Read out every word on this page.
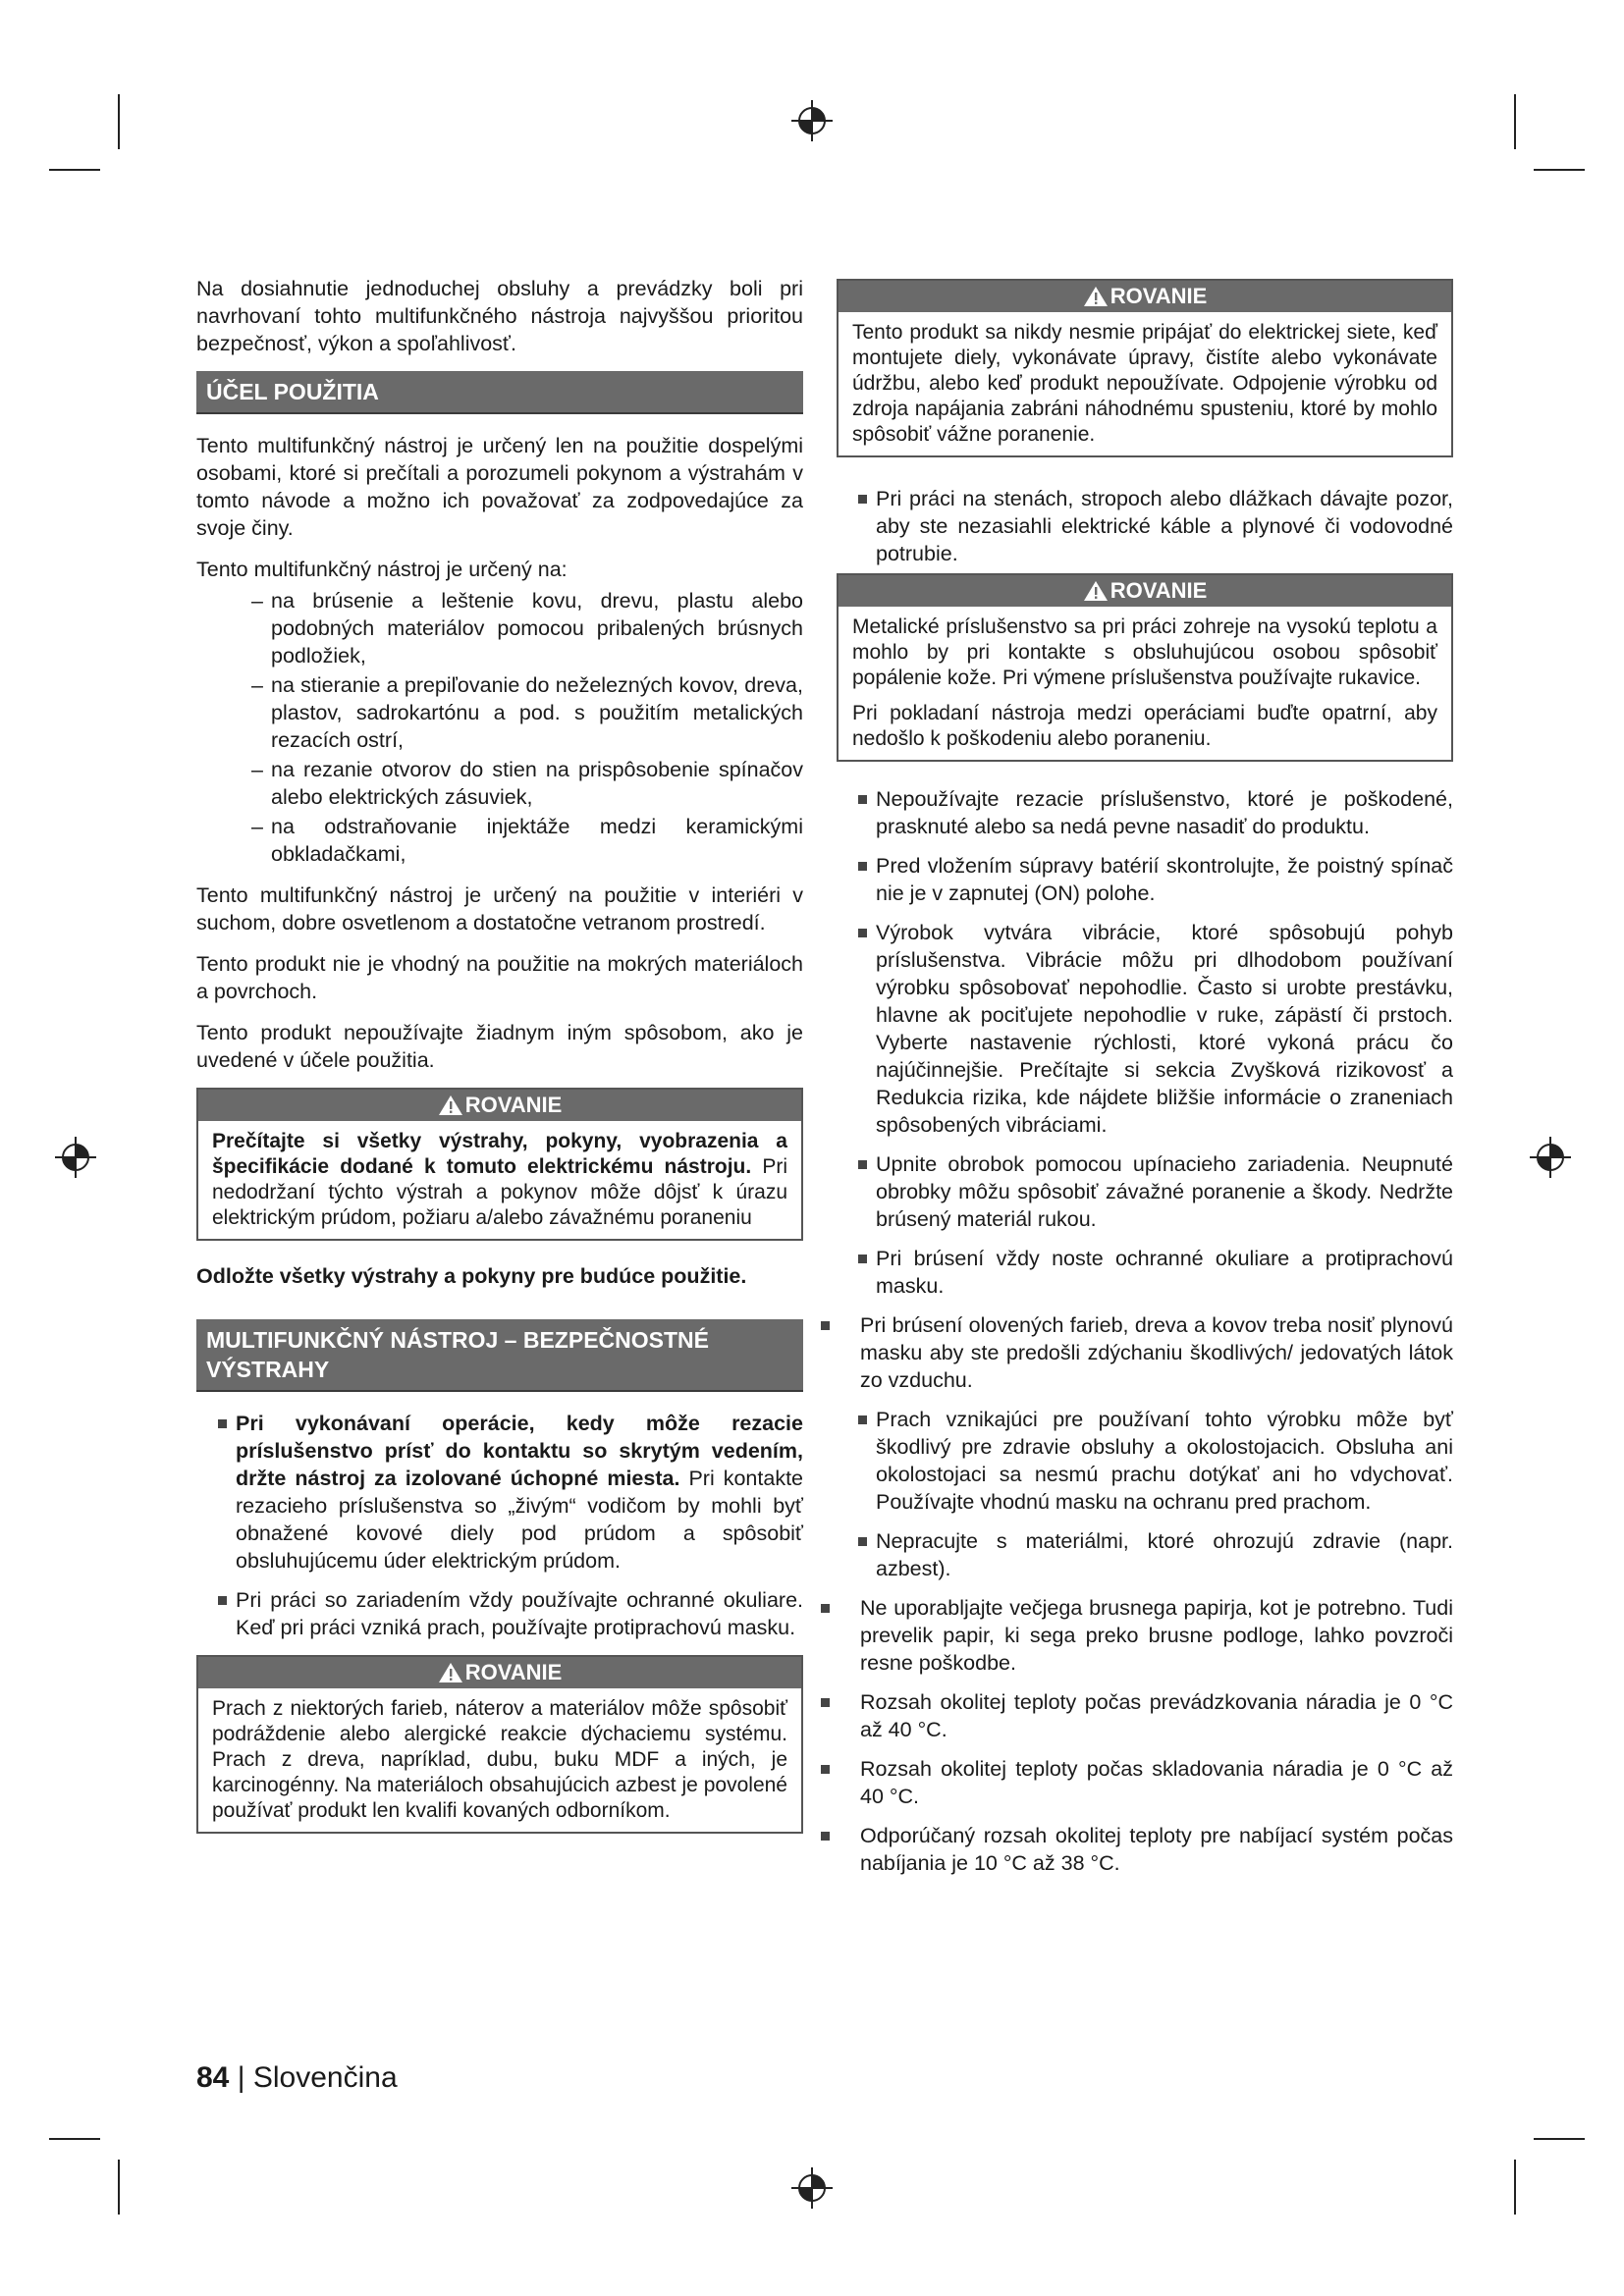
Na dosiahnutie jednoduchej obsluhy a prevádzky boli pri navrhovaní tohto multifunkčného nástroja najvyššou prioritou bezpečnosť, výkon a spoľahlivosť.

ÚČEL POUŽITIA

Tento multifunkčný nástroj je určený len na použitie dospelými osobami, ktoré si prečítali a porozumeli pokynom a výstrahám v tomto návode a možno ich považovať za zodpovedajúce za svoje činy.

Tento multifunkčný nástroj je určený na:

– na brúsenie a leštenie kovu, drevu, plastu alebo podobných materiálov pomocou pribalených brúsnych podložiek,
– na stieranie a prepiľovanie do neželezných kovov, dreva, plastov, sadrokartónu a pod. s použitím metalických rezacích ostrí,
– na rezanie otvorov do stien na prispôsobenie spínačov alebo elektrických zásuviek,
– na odstraňovanie injektáže medzi keramickými obkladačkami,

Tento multifunkčný nástroj je určený na použitie v interiéri v suchom, dobre osvetlenom a dostatočne vetranom prostredí.

Tento produkt nie je vhodný na použitie na mokrých materiáloch a povrchoch.

Tento produkt nepoužívajte žiadnym iným spôsobom, ako je uvedené v účele použitia.

ROVANIE

Prečítajte si všetky výstrahy, pokyny, vyobrazenia a špecifikácie dodané k tomuto elektrickému nástroju. Pri nedodržaní týchto výstrah a pokynov môže dôjsť k úrazu elektrickým prúdom, požiaru a/alebo závažnému poraneniu

Odložte všetky výstrahy a pokyny pre budúce použitie.

MULTIFUNKČNÝ NÁSTROJ – BEZPEČNOSTNÉ VÝSTRAHY
Pri vykonávaní operácie, kedy môže rezacie príslušenstvo prísť do kontaktu so skrytým vedením, držte nástroj za izolované úchopné miesta. Pri kontakte rezacieho príslušenstva so „živým“ vodičom by mohli byť obnažené kovové diely pod prúdom a spôsobiť obsluhujúcemu úder elektrickým prúdom.
Pri práci so zariadením vždy používajte ochranné okuliare. Keď pri práci vzniká prach, používajte protiprachovú masku.
ROVANIE

Prach z niektorých farieb, náterov a materiálov môže spôsobiť podráždenie alebo alergické reakcie dýchaciemu systému. Prach z dreva, napríklad, dubu, buku MDF a iných, je karcinogénny. Na materiáloch obsahujúcich azbest je povolené používať produkt len kvalifi kovaných odborníkom.

ROVANIE

Tento produkt sa nikdy nesmie pripájať do elektrickej siete, keď montujete diely, vykonávate úpravy, čistíte alebo vykonávate údržbu, alebo keď produkt nepoužívate. Odpojenie výrobku od zdroja napájania zabráni náhodnému spusteniu, ktoré by mohlo spôsobiť vážne poranenie.

Pri práci na stenách, stropoch alebo dlážkach dávajte pozor, aby ste nezasiahli elektrické káble a plynové či vodovodné potrubie.
ROVANIE

Metalické príslušenstvo sa pri práci zohreje na vysokú teplotu a mohlo by pri kontakte s obsluhujúcou osobou spôsobiť popálenie kože. Pri výmene príslušenstva používajte rukavice.

Pri pokladaní nástroja medzi operáciami buďte opatrní, aby nedošlo k poškodeniu alebo poraneniu.

Nepoužívajte rezacie príslušenstvo, ktoré je poškodené, prasknuté alebo sa nedá pevne nasadiť do produktu.
Pred vložením súpravy batérií skontrolujte, že poistný spínač nie je v zapnutej (ON) polohe.
Výrobok vytvára vibrácie, ktoré spôsobujú pohyb príslušenstva. Vibrácie môžu pri dlhodobom používaní výrobku spôsobovať nepohodlie. Často si urobte prestávku, hlavne ak pociťujete nepohodlie v ruke, zápästí či prstoch. Vyberte nastavenie rýchlosti, ktoré vykoná prácu čo najúčinnejšie. Prečítajte si sekcia Zvyšková rizikovosť a Redukcia rizika, kde nájdete bližšie informácie o zraneniach spôsobených vibráciami.
Upnite obrobok pomocou upínacieho zariadenia. Neupnuté obrobky môžu spôsobiť závažné poranenie a škody. Nedržte brúsený materiál rukou.
Pri brúsení vždy noste ochranné okuliare a protiprachovú masku.
Pri brúsení olovených farieb, dreva a kovov treba nosiť plynovú masku aby ste predošli zdýchaniu škodlivých/ jedovatých látok zo vzduchu.
Prach vznikajúci pre používaní tohto výrobku môže byť škodlivý pre zdravie obsluhy a okolostojacich. Obsluha ani okolostojaci sa nesmú prachu dotýkať ani ho vdychovať. Používajte vhodnú masku na ochranu pred prachom.
Nepracujte s materiálmi, ktoré ohrozujú zdravie (napr. azbest).
Ne uporabljajte večjega brusnega papirja, kot je potrebno. Tudi prevelik papir, ki sega preko brusne podloge, lahko povzroči resne poškodbe.
Rozsah okolitej teploty počas prevádzkovania náradia je 0 °C až 40 °C.
Rozsah okolitej teploty počas skladovania náradia je 0 °C až 40 °C.
Odporúčaný rozsah okolitej teploty pre nabíjací systém počas nabíjania je 10 °C až 38 °C.
84 | Slovenčina
